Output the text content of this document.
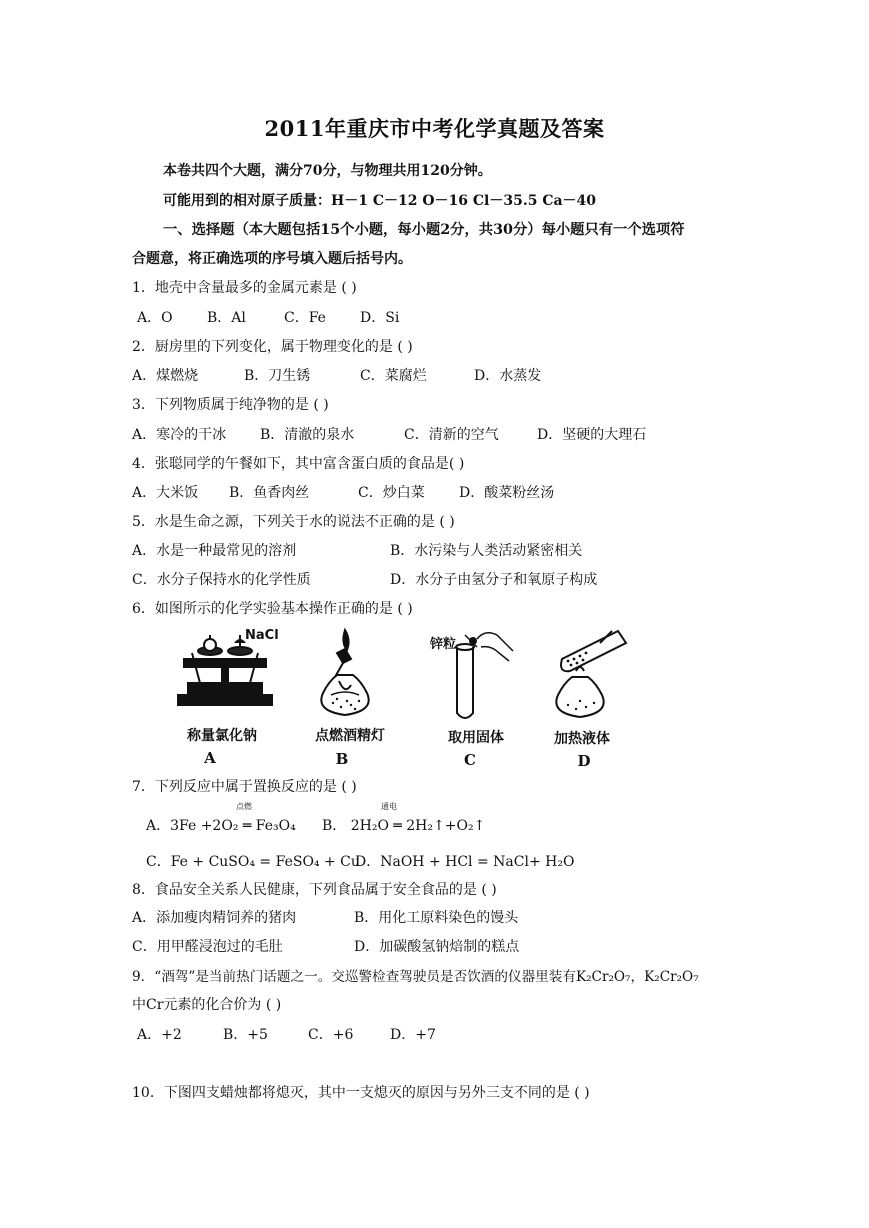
2011年重庆市中考化学真题及答案
本卷共四个大题，满分70分，与物理共用120分钟。
可能用到的相对原子质量：H－1 C－12 O－16 Cl－35.5 Ca－40
一、选择题（本大题包括15个小题，每小题2分，共30分）每小题只有一个选项符
合题意，将正确选项的序号填入题后括号内。
1．地壳中含量最多的金属元素是 ( )
A．O B．Al	C．Fe D．Si
2．厨房里的下列变化，属于物理变化的是 ( )
A．煤燃烧	B．刀生锈	C．菜腐烂	D．水蒸发
3．下列物质属于纯净物的是 ( )
A．寒冷的干冰 B．清澈的泉水	C．清新的空气	D．坚硬的大理石
4．张聪同学的午餐如下，其中富含蛋白质的食品是( )
A．大米饭 B．鱼香肉丝	C．炒白菜 D．酸菜粉丝汤
5．水是生命之源，下列关于水的说法不正确的是 ( )
A．水是一种最常见的溶剂	B．水污染与人类活动紧密相关
C．水分子保持水的化学性质	D．水分子由氢分子和氧原子构成
6．如图所示的化学实验基本操作正确的是 ( )
NaCl
锌粒
称量氯化钠	点燃酒精灯	取用固体	加热液体
A	B	C	D
7．下列反应中属于置换反应的是 ( )
点燃	通电
A．3Fe +2O₂ ═ Fe₃O₄ B． 2H₂O ═ 2H₂↑+O₂↑
C．Fe + CuSO₄ = FeSO₄ + Cu
D．NaOH + HCl = NaCl+ H₂O
8．食品安全关系人民健康，下列食品属于安全食品的是 ( )
A．添加瘦肉精饲养的猪肉	B．用化工原料染色的馒头
C．用甲醛浸泡过的毛肚	D．加碳酸氢钠焙制的糕点
9．“酒驾”是当前热门话题之一。交巡警检查驾驶员是否饮酒的仪器里装有K₂Cr₂O₇，K₂Cr₂O₇
中Cr元素的化合价为 ( )
A．+2	B．+5	C．+6	D．+7
10．下图四支蜡烛都将熄灭，其中一支熄灭的原因与另外三支不同的是 ( )
